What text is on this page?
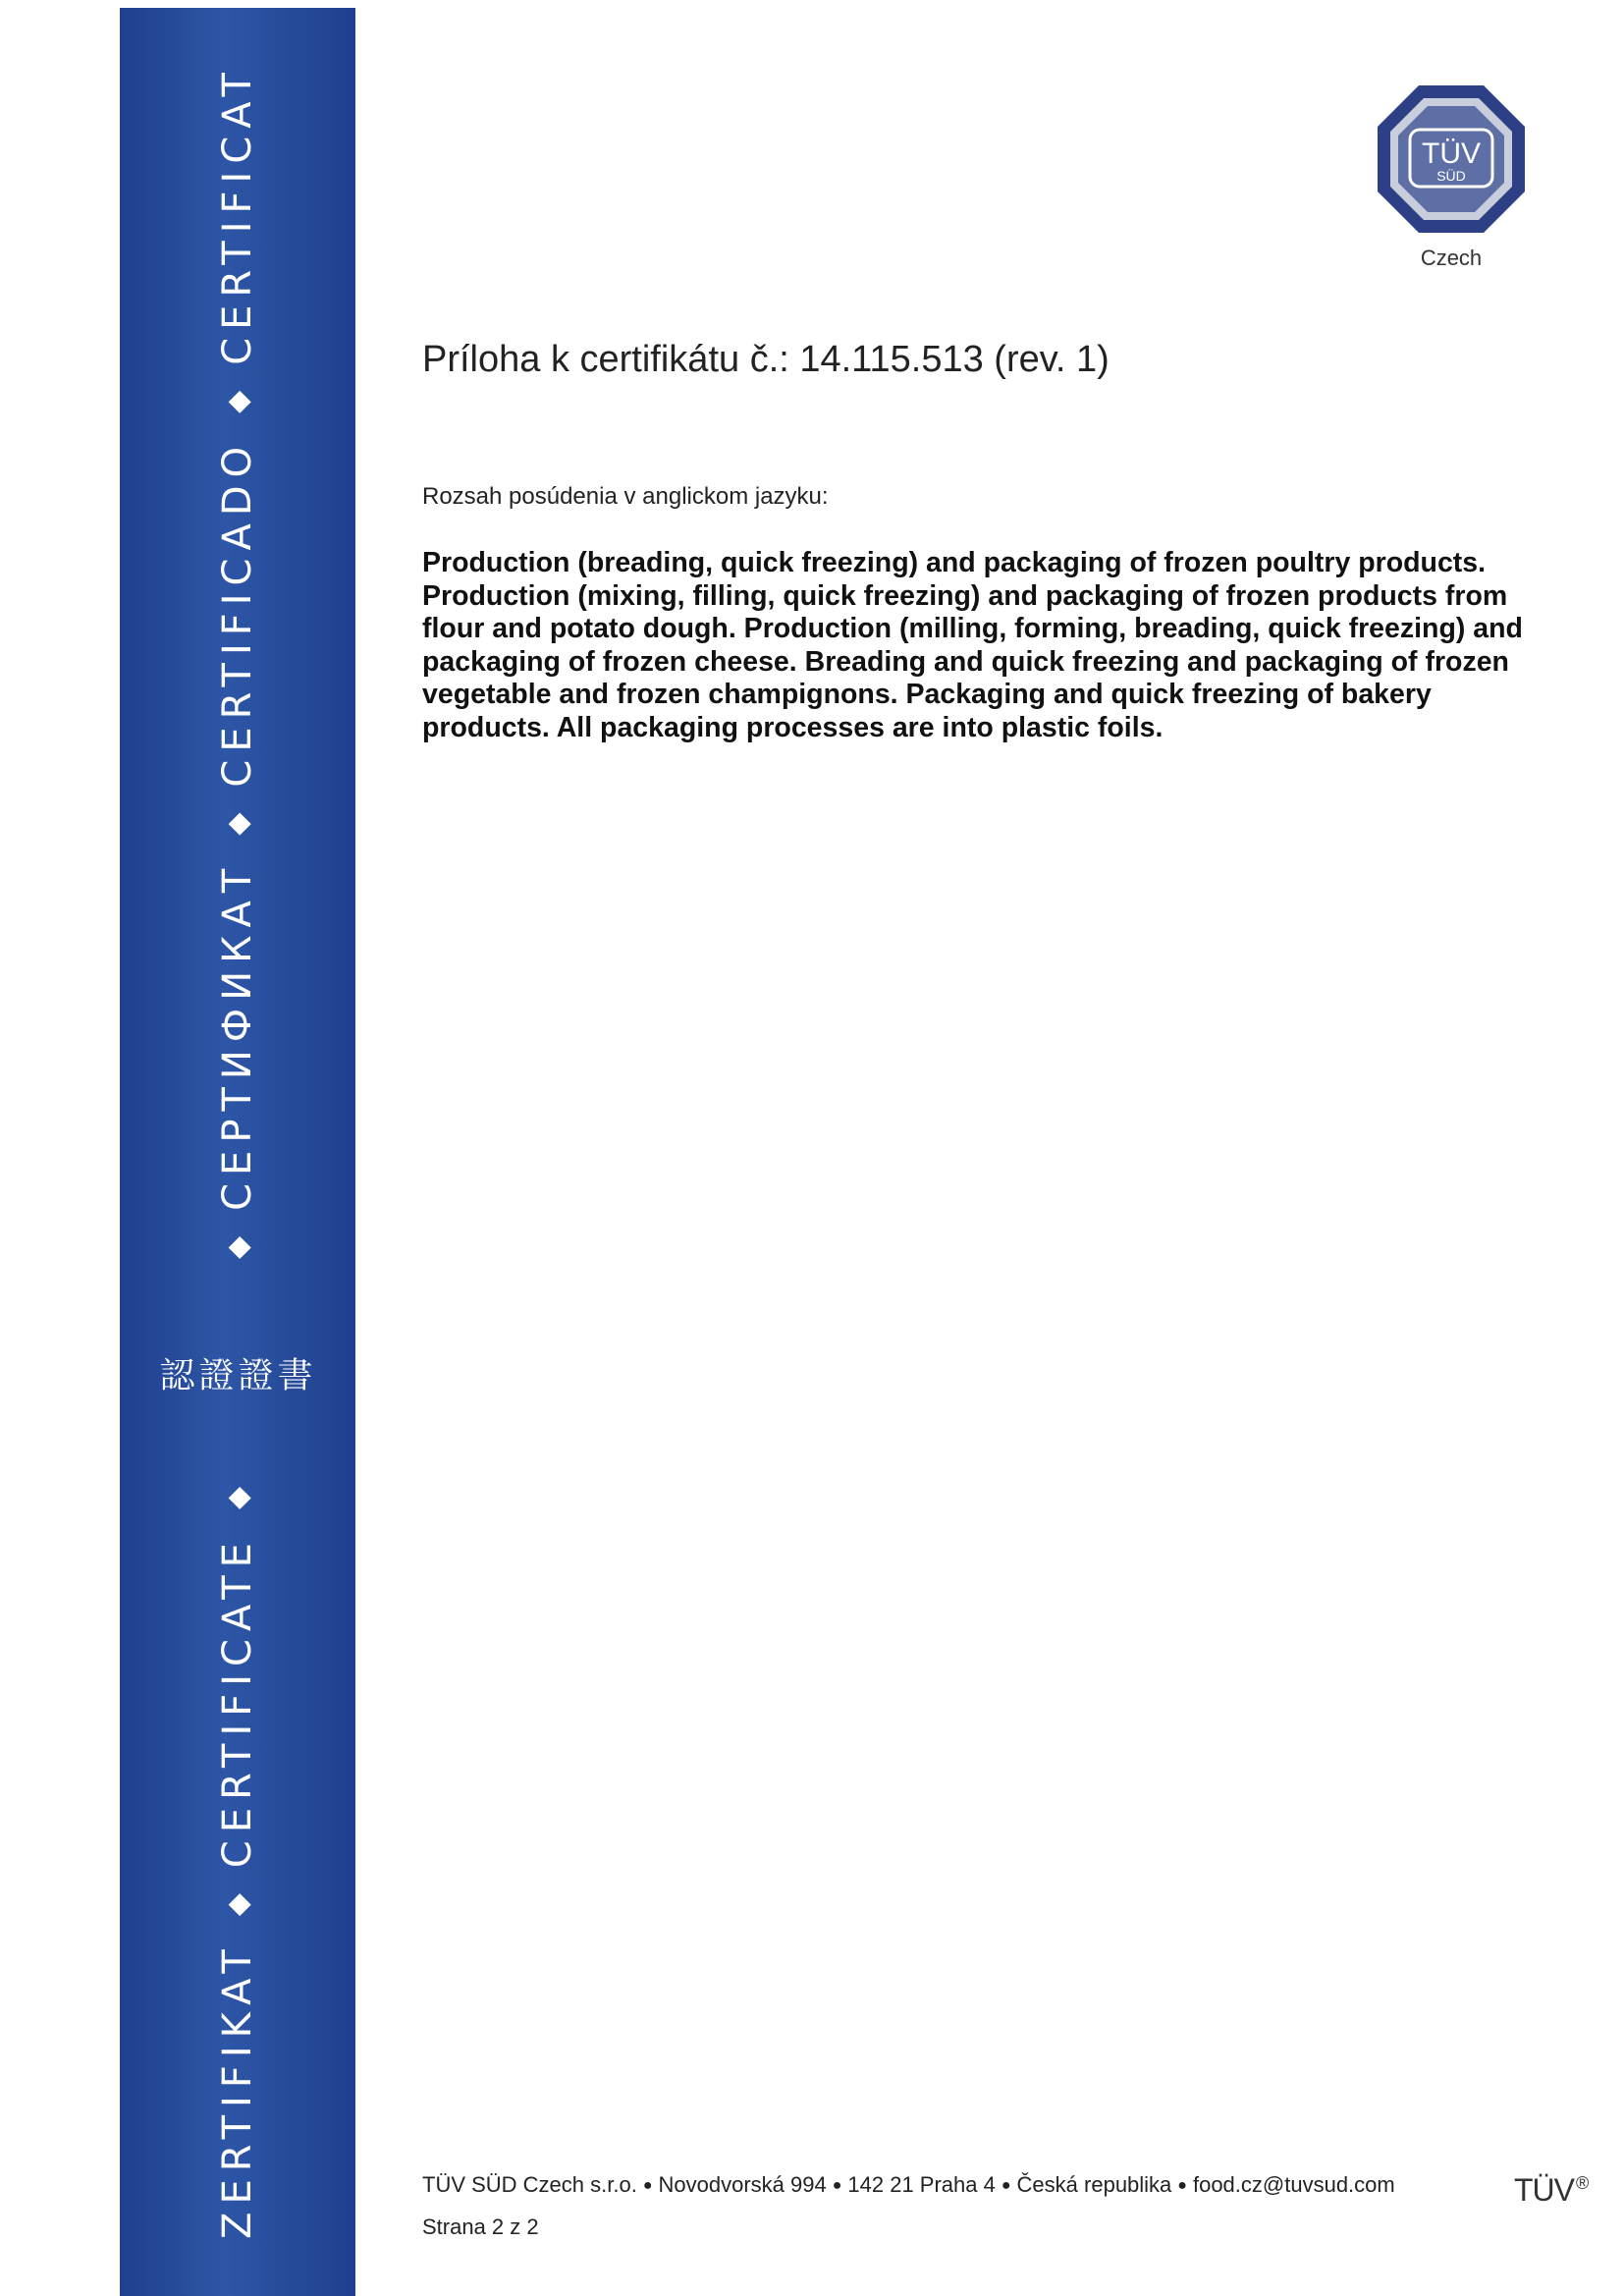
ZERTIFIKAT
◆
CERTIFICATE
◆
認證證書
◆
СЕРТИФИКАТ
◆
CERTIFICADO
◆
CERTIFICAT	TÜV
SÜD
Czech
Príloha k certifikátu č.: 14.115.513 (rev. 1)
Rozsah posúdenia v anglickom jazyku:

Production (breading, quick freezing) and packaging of frozen poultry products. Production (mixing, filling, quick freezing) and packaging of frozen products from flour and potato dough. Production (milling, forming, breading, quick freezing) and packaging of frozen cheese. Breading and quick freezing and packaging of frozen vegetable and frozen champignons. Packaging and quick freezing of bakery products. All packaging processes are into plastic foils.

TÜV SÜD Czech s.r.o. ● Novodvorská 994 ● 142 21 Praha 4 ● Česká republika ● food.cz@tuvsud.com
Strana 2 z 2
TÜV ®
